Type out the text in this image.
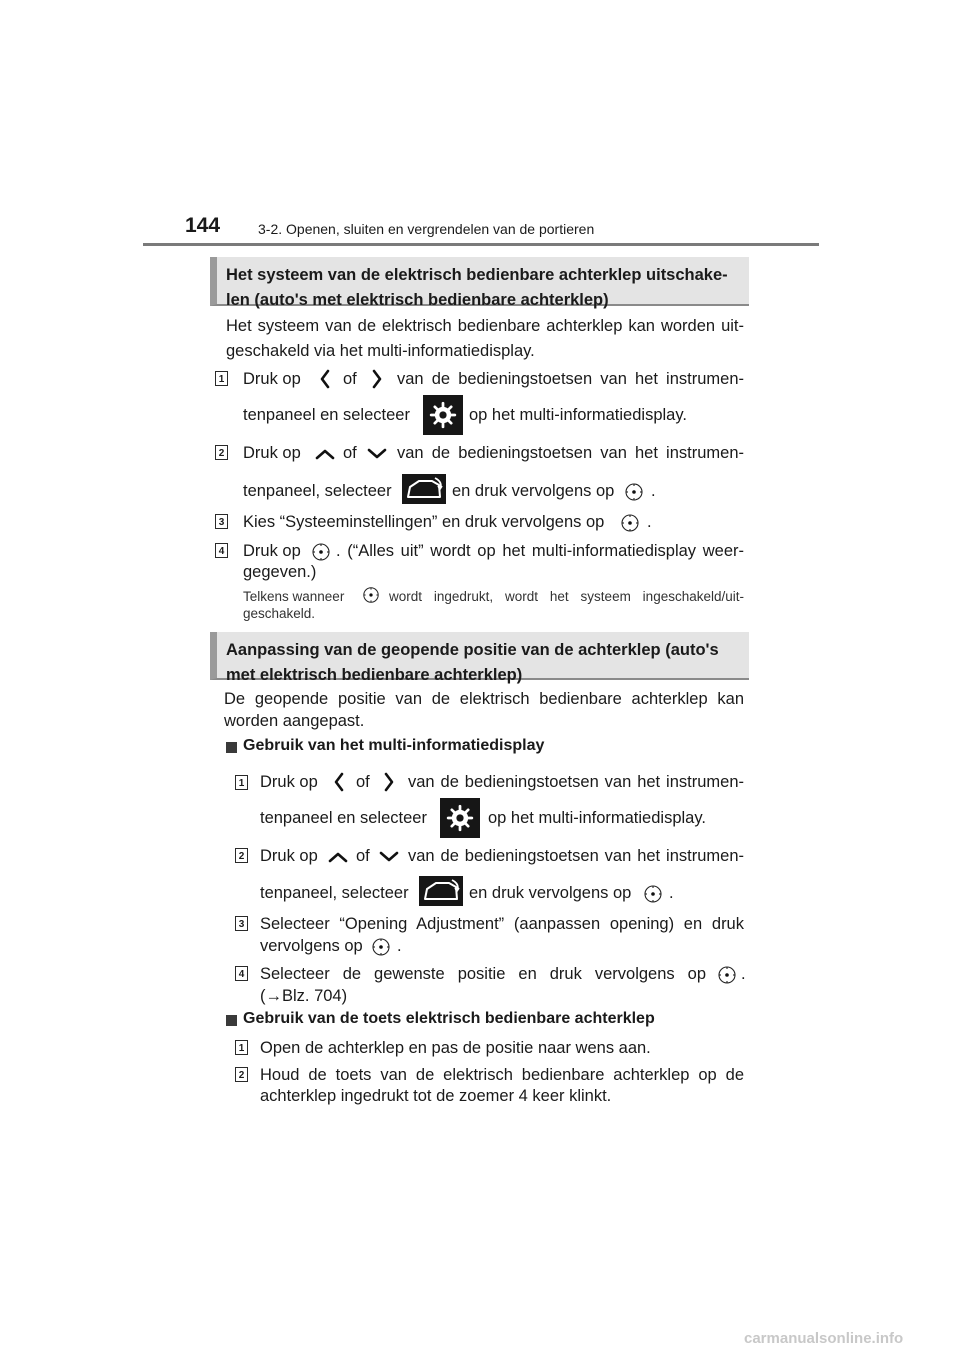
144	3-2. Openen, sluiten en vergrendelen van de portieren
Het systeem van de elektrisch bedienbare achterklep uitschake-
len (auto's met elektrisch bedienbare achterklep)
Het systeem van de elektrisch bedienbare achterklep kan worden uit-
geschakeld via het multi-informatiedisplay.
1 Druk op	of van de bedieningstoetsen van het instrumen-
tenpaneel en selecteer	op het multi-informatiedisplay.
2 Druk op	of van de bedieningstoetsen van het instrumen-
tenpaneel, selecteer	en druk vervolgens op .
3 Kies “Systeeminstellingen” en druk vervolgens op	.
4 Druk op . (“Alles uit” wordt op het multi-informatiedisplay weer-
gegeven.)
Telkens wanneer	wordt ingedrukt, wordt het systeem ingeschakeld/uit-
geschakeld.
Aanpassing van de geopende positie van de achterklep (auto's
met elektrisch bedienbare achterklep)
De geopende positie van de elektrisch bedienbare achterklep kan
worden aangepast.
Gebruik van het multi-informatiedisplay
1 Druk op of van de bedieningstoetsen van het instrumen-
tenpaneel en selecteer	op het multi-informatiedisplay.
2 Druk op of van de bedieningstoetsen van het instrumen-
tenpaneel, selecteer	en druk vervolgens op .
3 Selecteer “Opening Adjustment” (aanpassen opening) en druk
vervolgens op .
4 Selecteer de gewenste positie en druk vervolgens op .
(→Blz. 704)
Gebruik van de toets elektrisch bedienbare achterklep
1 Open de achterklep en pas de positie naar wens aan.
2 Houd de toets van de elektrisch bedienbare achterklep op de
achterklep ingedrukt tot de zoemer 4 keer klinkt.
carmanualsonline.info
